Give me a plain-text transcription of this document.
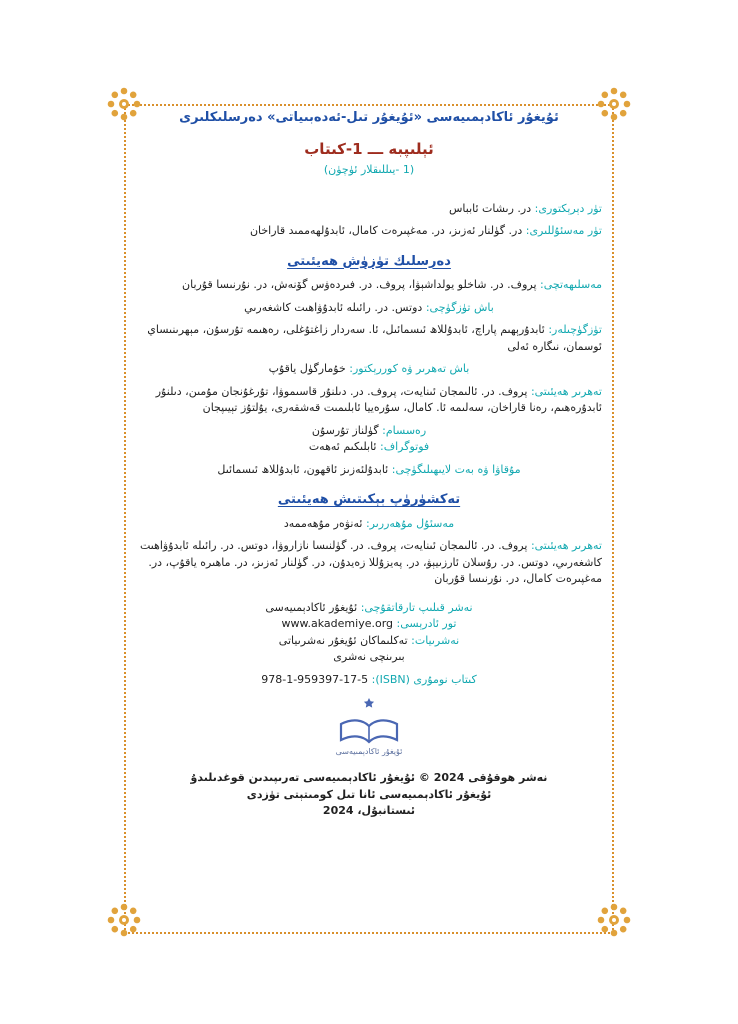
ئۇيغۇر ئاكادېمىيەسى «ئۇيغۇر تىل-ئەدەبىياتى» دەرسلىكلىرى

ئېلىپبە ـــ 1-كىتاب

(1 -يىللىقلار ئۈچۈن)

تۈر دېرېكتورى: در. رىشات ئابباس

تۈر مەسئۇللىرى: در. گۈلنار ئەزىز، در. مەغپىرەت كامال، ئابدۇلھەممىد قاراخان

دەرسلىك تۈزۈش ھەيئىتى

مەسلىھەتچى: پروف. در. شاخلو يولداشېۋا، پروف. در. فىردەۋس گۆنەش، در. نۇرنىسا قۇربان

باش تۈزگۈچى: دوتس. در. رائىلە ئابدۇۋاھىت كاشغەرىي

تۈزگۈچىلەر: ئابدۇرېھىم پاراچ، ئابدۇللاھ ئىسمائىل، ئا. سەردار زاغتۇغلى، رەھىمە تۇرسۇن، مېھرىنىساي ئوسمان، نىگارە ئەلى

باش تەھرىر ۋە كوررېكتور: خۇمارگۈل ياقۇپ

تەھرىر ھەيئىتى: پروف. در. ئالىمجان ئىنايەت، پروف. در. دىلنۇر قاسىموۋا، تۇرغۇنجان مۇمىن، دىلنۇر ئابدۇرەھىم، رەنا قاراخان، سەلىمە ئا. كامال، سۇرەييا ئابلىمىت قەشقەرى، يۇلتۇز تېيىپجان

رەسسام: گۈلناز تۇرسۇن

فوتوگراف: ئابلىكىم ئەھەت

مۇقاۋا ۋە بەت لايىھىلىگۈچى: ئابدۇلئەزىز ئاقھون، ئابدۇللاھ ئىسمائىل

تەكشۈرۈپ بېكىتىش ھەيئىتى

مەسئۇل مۇھەررىر: ئەنۋەر مۇھەممەد

تەھرىر ھەيئىتى: پروف. در. ئالىمجان ئىنايەت، پروف. در. گۈلنىسا نازاروۋا، دوتس. در. رائىلە ئابدۇۋاھىت كاشغەرىي، دوتس. در. رۇسلان ئارزىيېۋ، در. پەيزۇللا زەيدۇن، در. گۈلنار ئەزىز، در. ماھىرە ياقۇپ، در. مەغپىرەت كامال، در. نۇرنىسا قۇربان

نەشر قىلىپ تارقاتقۇچى: ئۇيغۇر ئاكادېمىيەسى

تور ئادرېسى: www.akademiye.org

نەشرىيات: تەكلىماكان ئۇيغۇر نەشرىياتى

بىرىنچى نەشرى

كىتاب نومۇرى (ISBN): 978-1-959397-17-5

ئۇيغۇر ئاكادېمىيەسى

نەشر ھوقۇقى 2024 © ئۇيغۇر ئاكادېمىيەسى تەرىپىدىن قوغدىلىدۇ

ئۇيغۇر ئاكادېمىيەسى ئانا تىل كومىتېتى تۈزدى

ئىستانبۇل، 2024
